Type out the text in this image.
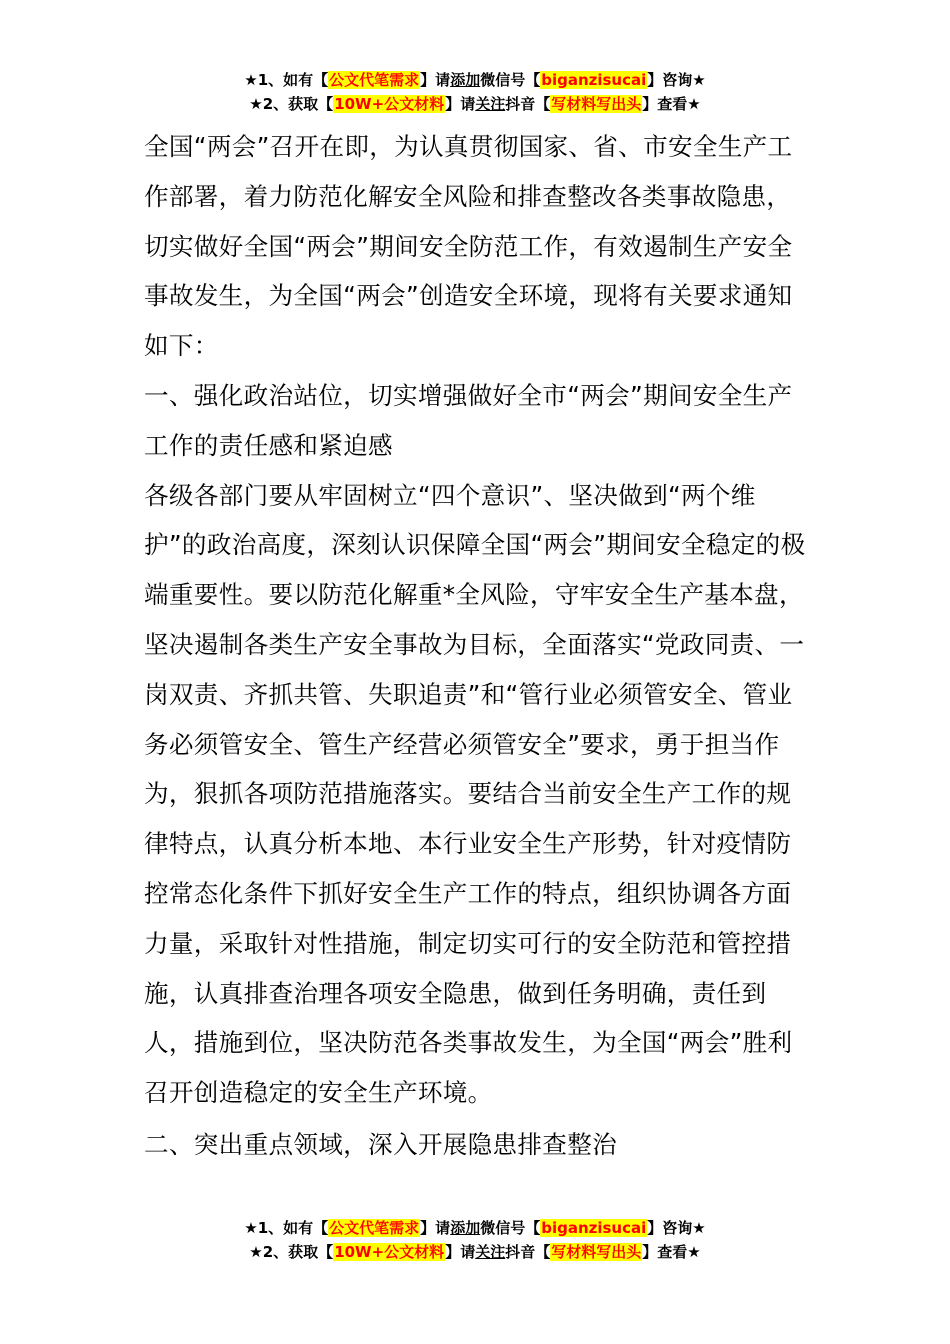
★1、如有【公文代笔需求】请添加微信号【biganzisucai】咨询★
★2、获取【10W+公文材料】请关注抖音【写材料写出头】查看★

全国“两会”召开在即，为认真贯彻国家、省、市安全生产工作部署，着力防范化解安全风险和排查整改各类事故隐患，切实做好全国“两会”期间安全防范工作，有效遏制生产安全事故发生，为全国“两会”创造安全环境，现将有关要求通知如下：

一、强化政治站位，切实增强做好全市“两会”期间安全生产工作的责任感和紧迫感

各级各部门要从牢固树立“四个意识”、坚决做到“两个维护”的政治高度，深刻认识保障全国“两会”期间安全稳定的极端重要性。要以防范化解重*全风险，守牢安全生产基本盘，坚决遏制各类生产安全事故为目标，全面落实“党政同责、一岗双责、齐抓共管、失职追责”和“管行业必须管安全、管业务必须管安全、管生产经营必须管安全”要求，勇于担当作为，狠抓各项防范措施落实。要结合当前安全生产工作的规律特点，认真分析本地、本行业安全生产形势，针对疫情防控常态化条件下抓好安全生产工作的特点，组织协调各方面力量，采取针对性措施，制定切实可行的安全防范和管控措施，认真排查治理各项安全隐患，做到任务明确，责任到人，措施到位，坚决防范各类事故发生，为全国“两会”胜利召开创造稳定的安全生产环境。

二、突出重点领域，深入开展隐患排查整治

★1、如有【公文代笔需求】请添加微信号【biganzisucai】咨询★
★2、获取【10W+公文材料】请关注抖音【写材料写出头】查看★
